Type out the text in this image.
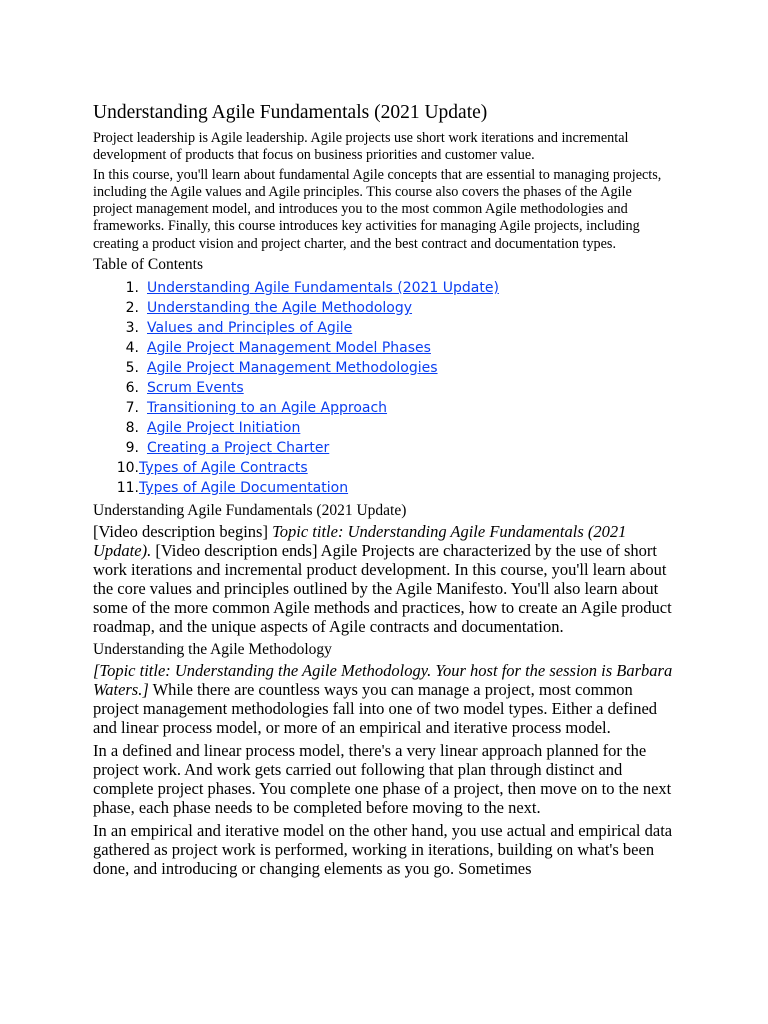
Understanding Agile Fundamentals (2021 Update)

Project leadership is Agile leadership. Agile projects use short work iterations and incremental development of products that focus on business priorities and customer value.

In this course, you'll learn about fundamental Agile concepts that are essential to managing projects, including the Agile values and Agile principles. This course also covers the phases of the Agile project management model, and introduces you to the most common Agile methodologies and frameworks. Finally, this course introduces key activities for managing Agile projects, including creating a product vision and project charter, and the best contract and documentation types.

Table of Contents
1. Understanding Agile Fundamentals (2021 Update)
2. Understanding the Agile Methodology
3. Values and Principles of Agile
4. Agile Project Management Model Phases
5. Agile Project Management Methodologies
6. Scrum Events
7. Transitioning to an Agile Approach
8. Agile Project Initiation
9. Creating a Project Charter
10. Types of Agile Contracts
11. Types of Agile Documentation
Understanding Agile Fundamentals (2021 Update)

[Video description begins] Topic title: Understanding Agile Fundamentals (2021 Update). [Video description ends] Agile Projects are characterized by the use of short work iterations and incremental product development. In this course, you'll learn about the core values and principles outlined by the Agile Manifesto. You'll also learn about some of the more common Agile methods and practices, how to create an Agile product roadmap, and the unique aspects of Agile contracts and documentation.

Understanding the Agile Methodology

[Topic title: Understanding the Agile Methodology. Your host for the session is Barbara Waters.] While there are countless ways you can manage a project, most common project management methodologies fall into one of two model types. Either a defined and linear process model, or more of an empirical and iterative process model.

In a defined and linear process model, there's a very linear approach planned for the project work. And work gets carried out following that plan through distinct and complete project phases. You complete one phase of a project, then move on to the next phase, each phase needs to be completed before moving to the next.

In an empirical and iterative model on the other hand, you use actual and empirical data gathered as project work is performed, working in iterations, building on what's been done, and introducing or changing elements as you go. Sometimes
